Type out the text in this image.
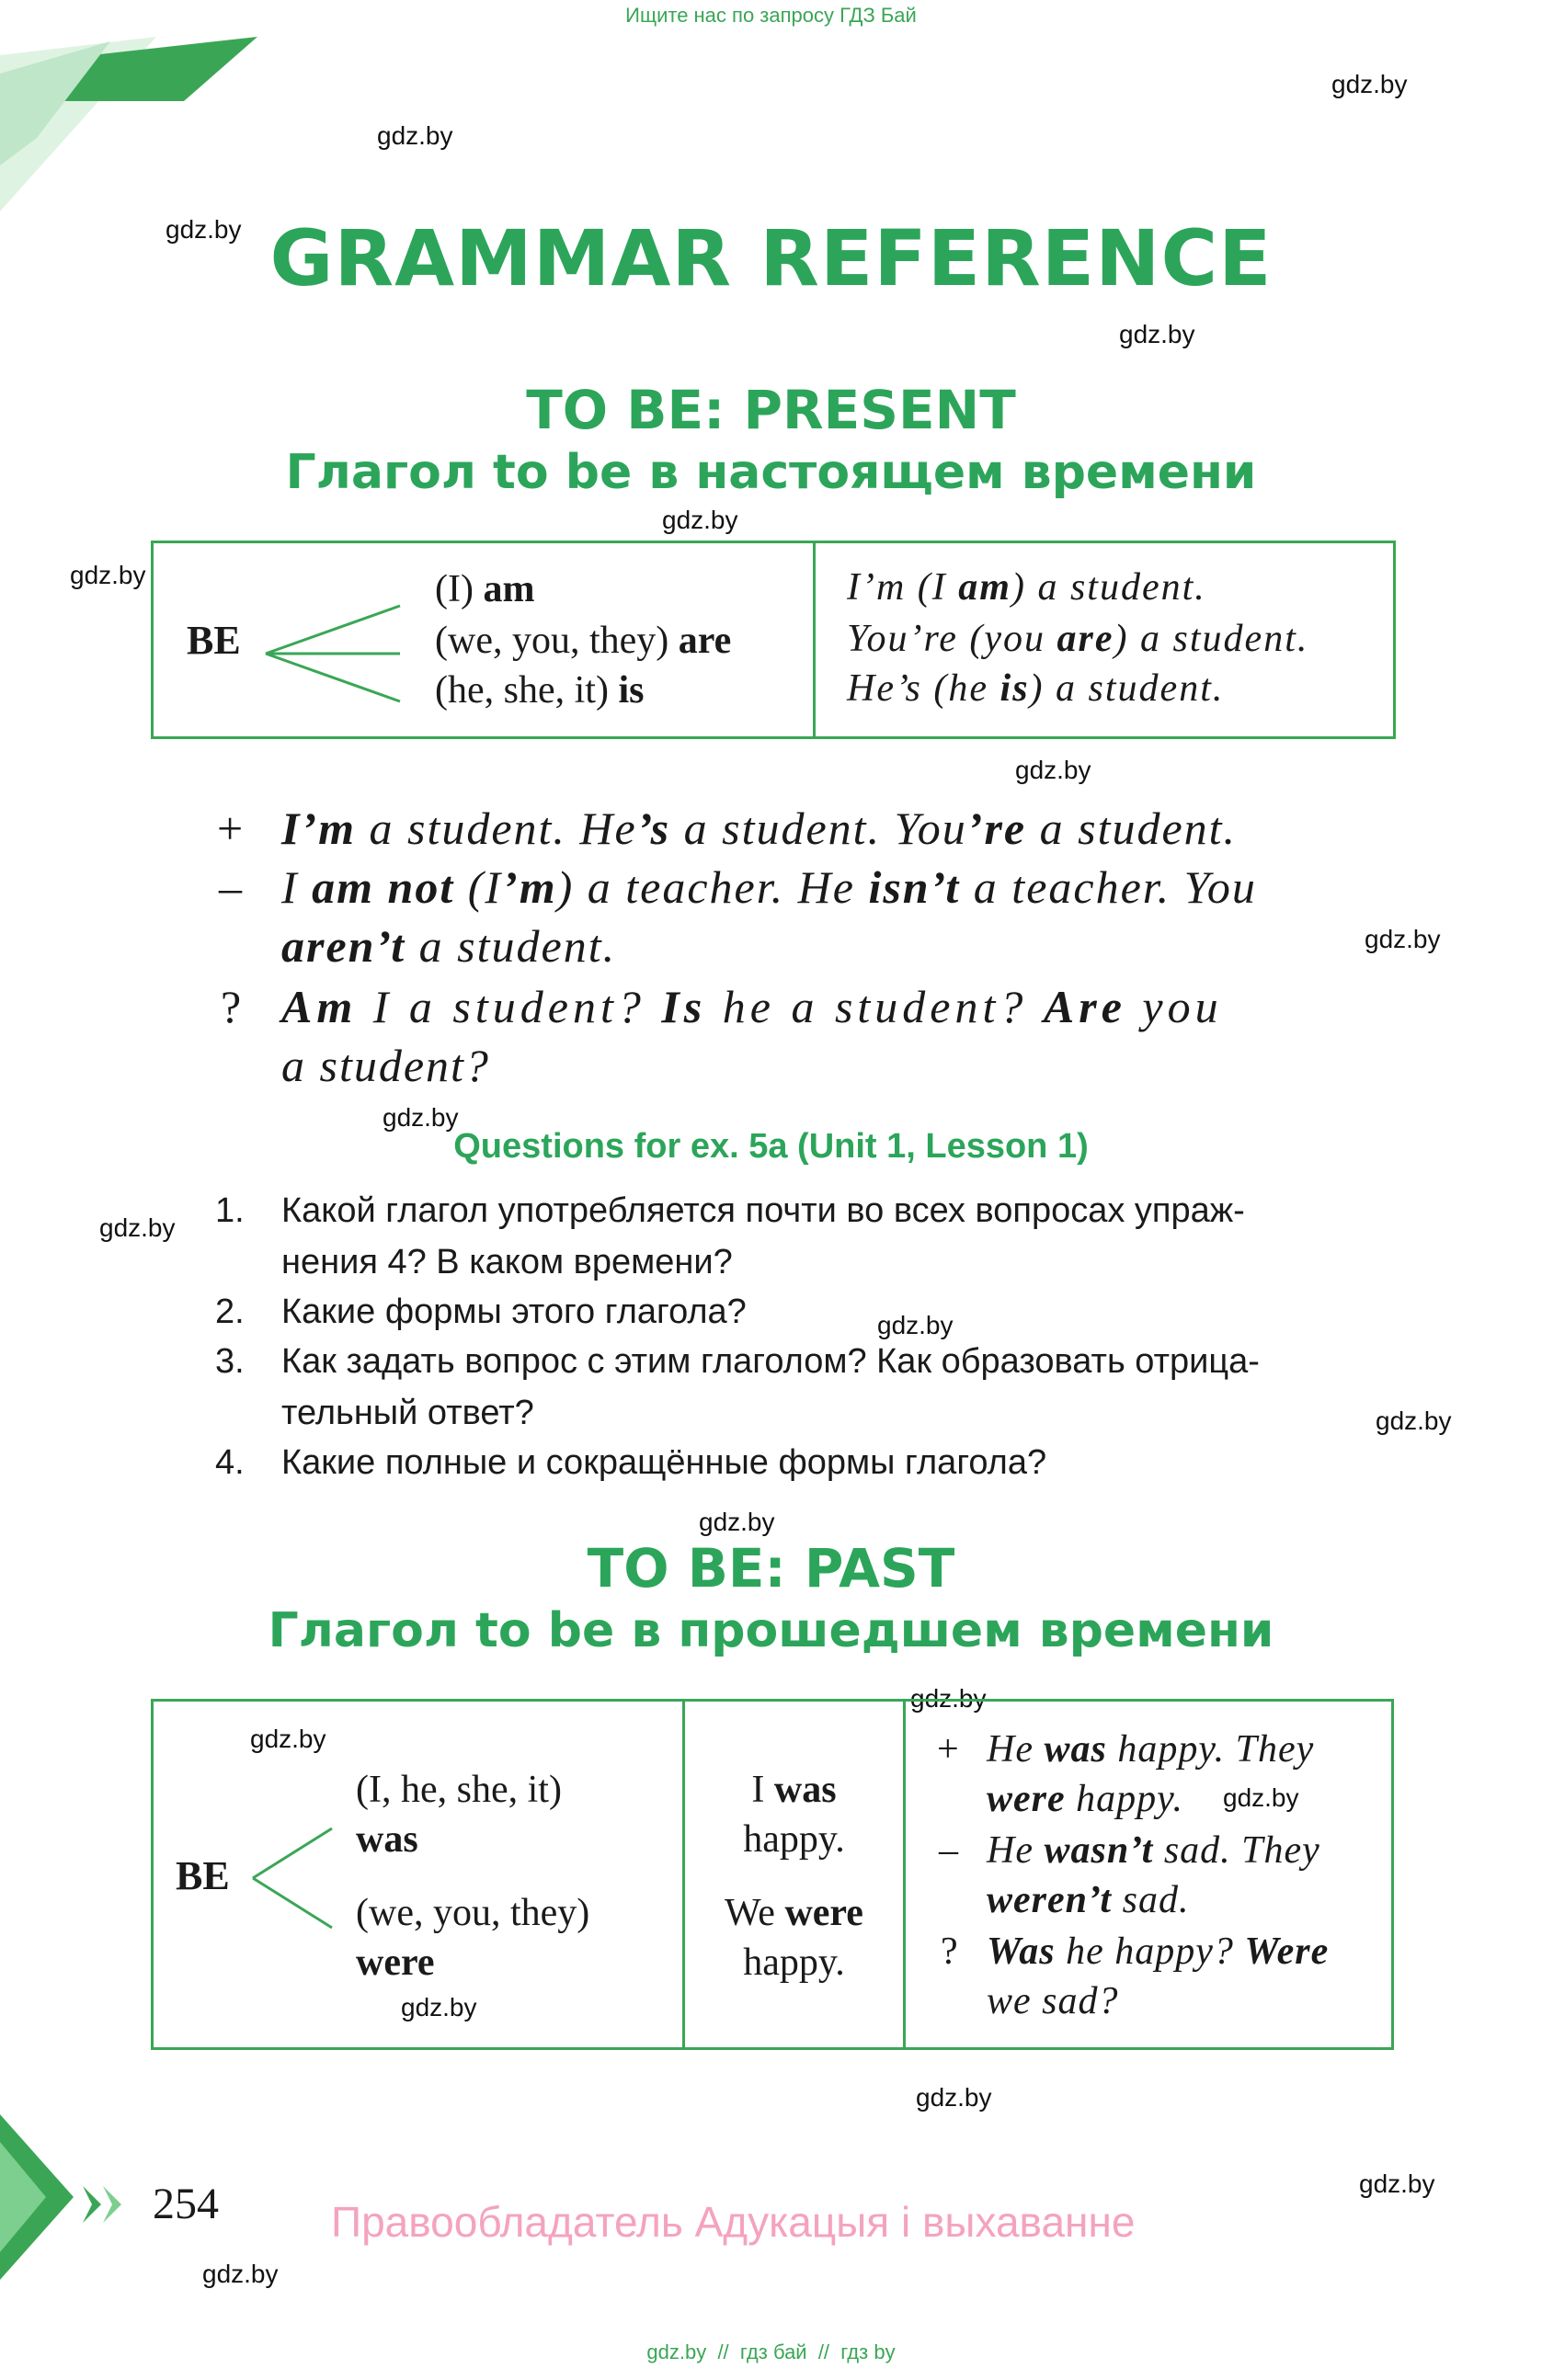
Ищите нас по запросу ГДЗ Бай
gdz.by
gdz.by
gdz.by
gdz.by
gdz.by
gdz.by
gdz.by
gdz.by
gdz.by
gdz.by
gdz.by
gdz.by
gdz.by
gdz.by
gdz.by
gdz.by
gdz.by
gdz.by
gdz.by
gdz.by
GRAMMAR REFERENCE
TO BE: PRESENT
Глагол to be в настоящем времени
BE
(I) am
(we, you, they) are
(he, she, it) is
I’m (I am) a student.
You’re (you are) a student.
He’s (he is) a student.
+ I’m a student. He’s a student. You’re a student.
– I am not (I’m) a teacher. He isn’t a teacher. You
aren’t a student.
? Am I a student? Is he a student? Are you
a student?
Questions for ex. 5a (Unit 1, Lesson 1)
1. Какой глагол употребляется почти во всех вопросах упраж-
нения 4? В каком времени?
2. Какие формы этого глагола?
3. Как задать вопрос с этим глаголом? Как образовать отрица-
тельный ответ?
4. Какие полные и сокращённые формы глагола?
TO BE: PAST
Глагол to be в прошедшем времени
BE
(I, he, she, it)
was
(we, you, they)
were
I was
happy.
We were
happy.
+ He was happy. They
were happy.
– He wasn’t sad. They
weren’t sad.
? Was he happy? Were
we sad?
254	Правообладатель Адукацыя і выхаванне
gdz.by  //  гдз бай  //  гдз by
